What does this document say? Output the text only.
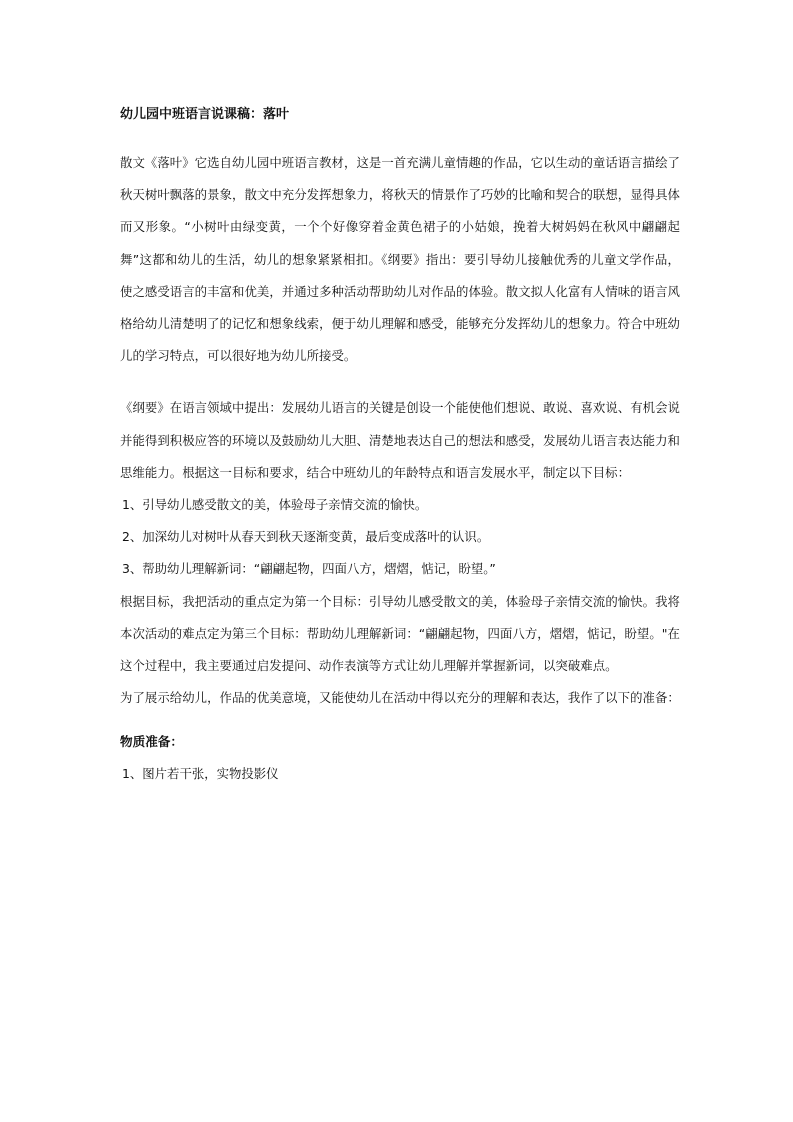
幼儿园中班语言说课稿：落叶

散文《落叶》它选自幼儿园中班语言教材，这是一首充满儿童情趣的作品，它以生动的童话语言描绘了秋天树叶飘落的景象，散文中充分发挥想象力，将秋天的情景作了巧妙的比喻和契合的联想，显得具体而又形象。“小树叶由绿变黄，一个个好像穿着金黄色裙子的小姑娘，挽着大树妈妈在秋风中翩翩起舞”这都和幼儿的生活，幼儿的想象紧紧相扣。《纲要》指出：要引导幼儿接触优秀的儿童文学作品，使之感受语言的丰富和优美，并通过多种活动帮助幼儿对作品的体验。散文拟人化富有人情味的语言风格给幼儿清楚明了的记忆和想象线索，便于幼儿理解和感受，能够充分发挥幼儿的想象力。符合中班幼儿的学习特点，可以很好地为幼儿所接受。

《纲要》在语言领域中提出：发展幼儿语言的关键是创设一个能使他们想说、敢说、喜欢说、有机会说并能得到积极应答的环境以及鼓励幼儿大胆、清楚地表达自己的想法和感受，发展幼儿语言表达能力和思维能力。根据这一目标和要求，结合中班幼儿的年龄特点和语言发展水平，制定以下目标：

1、引导幼儿感受散文的美，体验母子亲情交流的愉快。

2、加深幼儿对树叶从春天到秋天逐渐变黄，最后变成落叶的认识。

3、帮助幼儿理解新词：“翩翩起物，四面八方，熠熠，惦记，盼望。”

根据目标，我把活动的重点定为第一个目标：引导幼儿感受散文的美，体验母子亲情交流的愉快。我将本次活动的难点定为第三个目标：帮助幼儿理解新词：“翩翩起物，四面八方，熠熠，惦记，盼望。"在这个过程中，我主要通过启发提问、动作表演等方式让幼儿理解并掌握新词，以突破难点。

为了展示给幼儿，作品的优美意境，又能使幼儿在活动中得以充分的理解和表达，我作了以下的准备：

物质准备：

1、图片若干张，实物投影仪
